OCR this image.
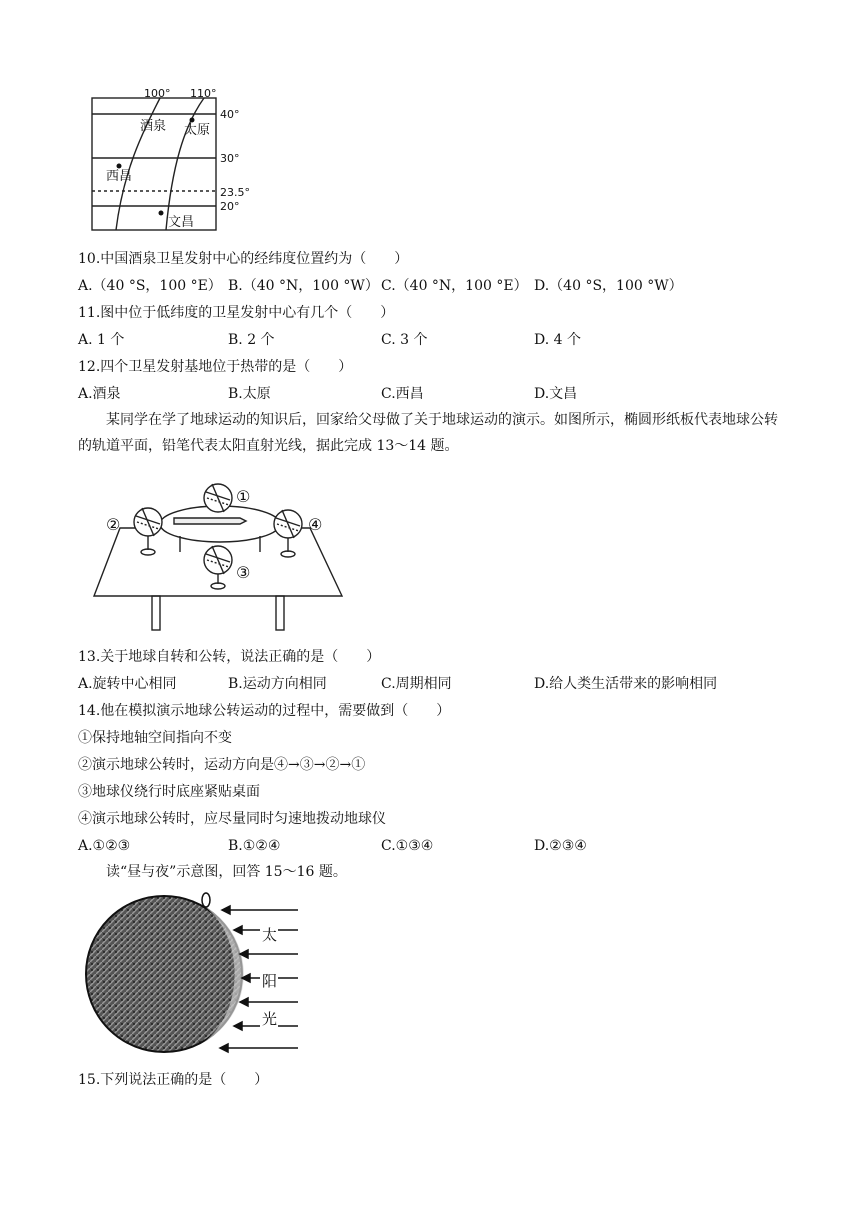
100° 110°
40°
30°
23.5°
20°
酒泉 太原
西昌
文昌
10.中国酒泉卫星发射中心的经纬度位置约为（　　）
A.（40 °S，100 °E） B.（40 °N，100 °W） C.（40 °N，100 °E） D.（40 °S，100 °W）
11.图中位于低纬度的卫星发射中心有几个（　　）
A. 1 个	B. 2 个	C. 3 个	D. 4 个
12.四个卫星发射基地位于热带的是（　　）
A.酒泉	B.太原	C.西昌	D.文昌
某同学在学了地球运动的知识后，回家给父母做了关于地球运动的演示。如图所示，椭圆形纸板代表地球公转的轨道平面，铅笔代表太阳直射光线，据此完成 13～14 题。
①
②
③
④
13.关于地球自转和公转，说法正确的是（　　）
A.旋转中心相同	B.运动方向相同	C.周期相同	D.给人类生活带来的影响相同
14.他在模拟演示地球公转运动的过程中，需要做到（　　）
①保持地轴空间指向不变
②演示地球公转时，运动方向是④→③→②→①
③地球仪绕行时底座紧贴桌面
④演示地球公转时，应尽量同时匀速地拨动地球仪
A.①②③	B.①②④	C.①③④	D.②③④
读“昼与夜”示意图，回答 15～16 题。
太
阳
光
15.下列说法正确的是（　　）
